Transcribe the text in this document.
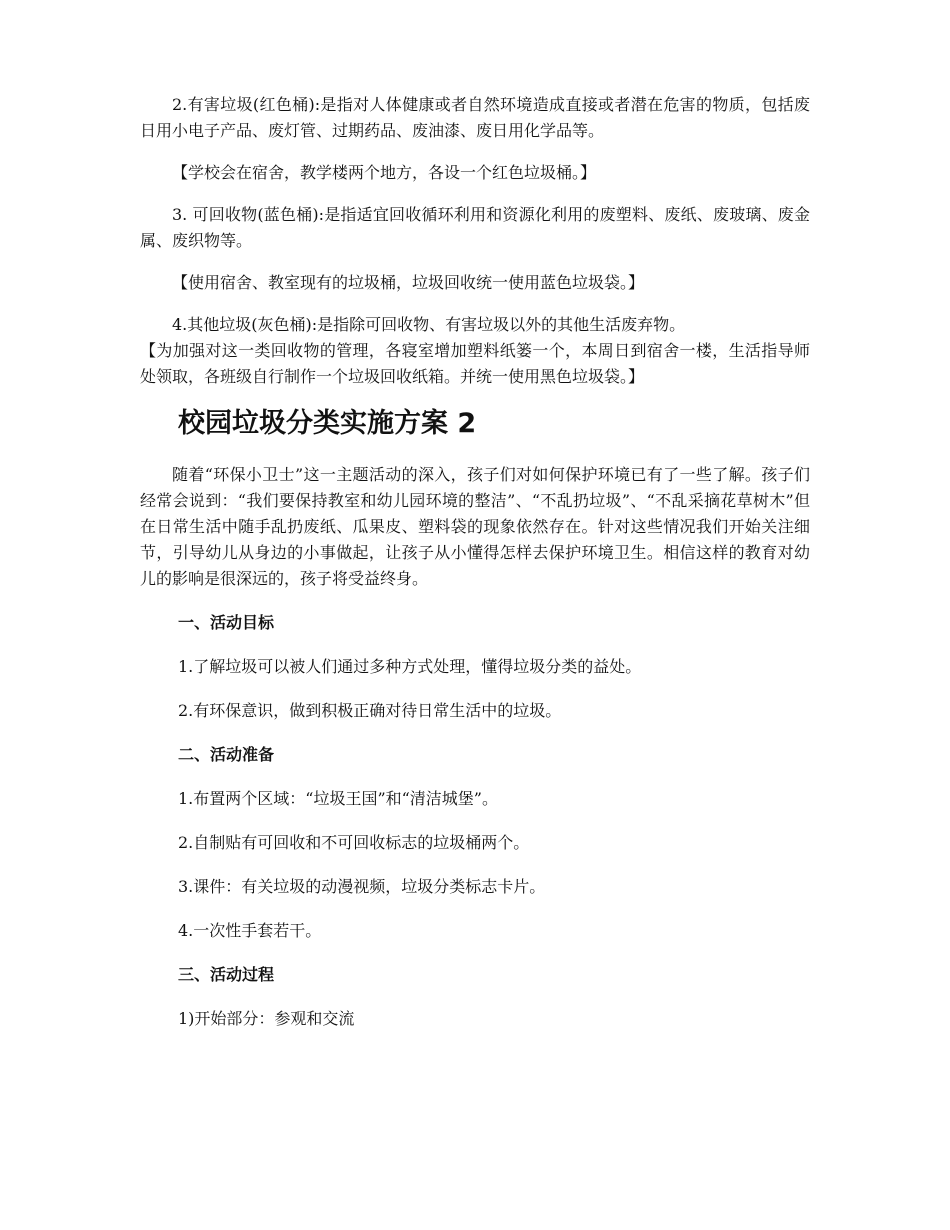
2.有害垃圾(红色桶):是指对人体健康或者自然环境造成直接或者潜在危害的物质，包括废日用小电子产品、废灯管、过期药品、废油漆、废日用化学品等。

【学校会在宿舍，教学楼两个地方，各设一个红色垃圾桶。】

3. 可回收物(蓝色桶):是指适宜回收循环利用和资源化利用的废塑料、废纸、废玻璃、废金属、废织物等。

【使用宿舍、教室现有的垃圾桶，垃圾回收统一使用蓝色垃圾袋。】

4.其他垃圾(灰色桶):是指除可回收物、有害垃圾以外的其他生活废弃物。

【为加强对这一类回收物的管理，各寝室增加塑料纸篓一个，本周日到宿舍一楼，生活指导师处领取，各班级自行制作一个垃圾回收纸箱。并统一使用黑色垃圾袋。】

校园垃圾分类实施方案 2

随着“环保小卫士”这一主题活动的深入，孩子们对如何保护环境已有了一些了解。孩子们经常会说到：“我们要保持教室和幼儿园环境的整洁”、“不乱扔垃圾”、“不乱采摘花草树木”但在日常生活中随手乱扔废纸、瓜果皮、塑料袋的现象依然存在。针对这些情况我们开始关注细节，引导幼儿从身边的小事做起，让孩子从小懂得怎样去保护环境卫生。相信这样的教育对幼儿的影响是很深远的，孩子将受益终身。

一、活动目标

1.了解垃圾可以被人们通过多种方式处理，懂得垃圾分类的益处。

2.有环保意识，做到积极正确对待日常生活中的垃圾。

二、活动准备

1.布置两个区域：“垃圾王国”和“清洁城堡”。

2.自制贴有可回收和不可回收标志的垃圾桶两个。

3.课件：有关垃圾的动漫视频，垃圾分类标志卡片。

4.一次性手套若干。

三、活动过程

1)开始部分：参观和交流
